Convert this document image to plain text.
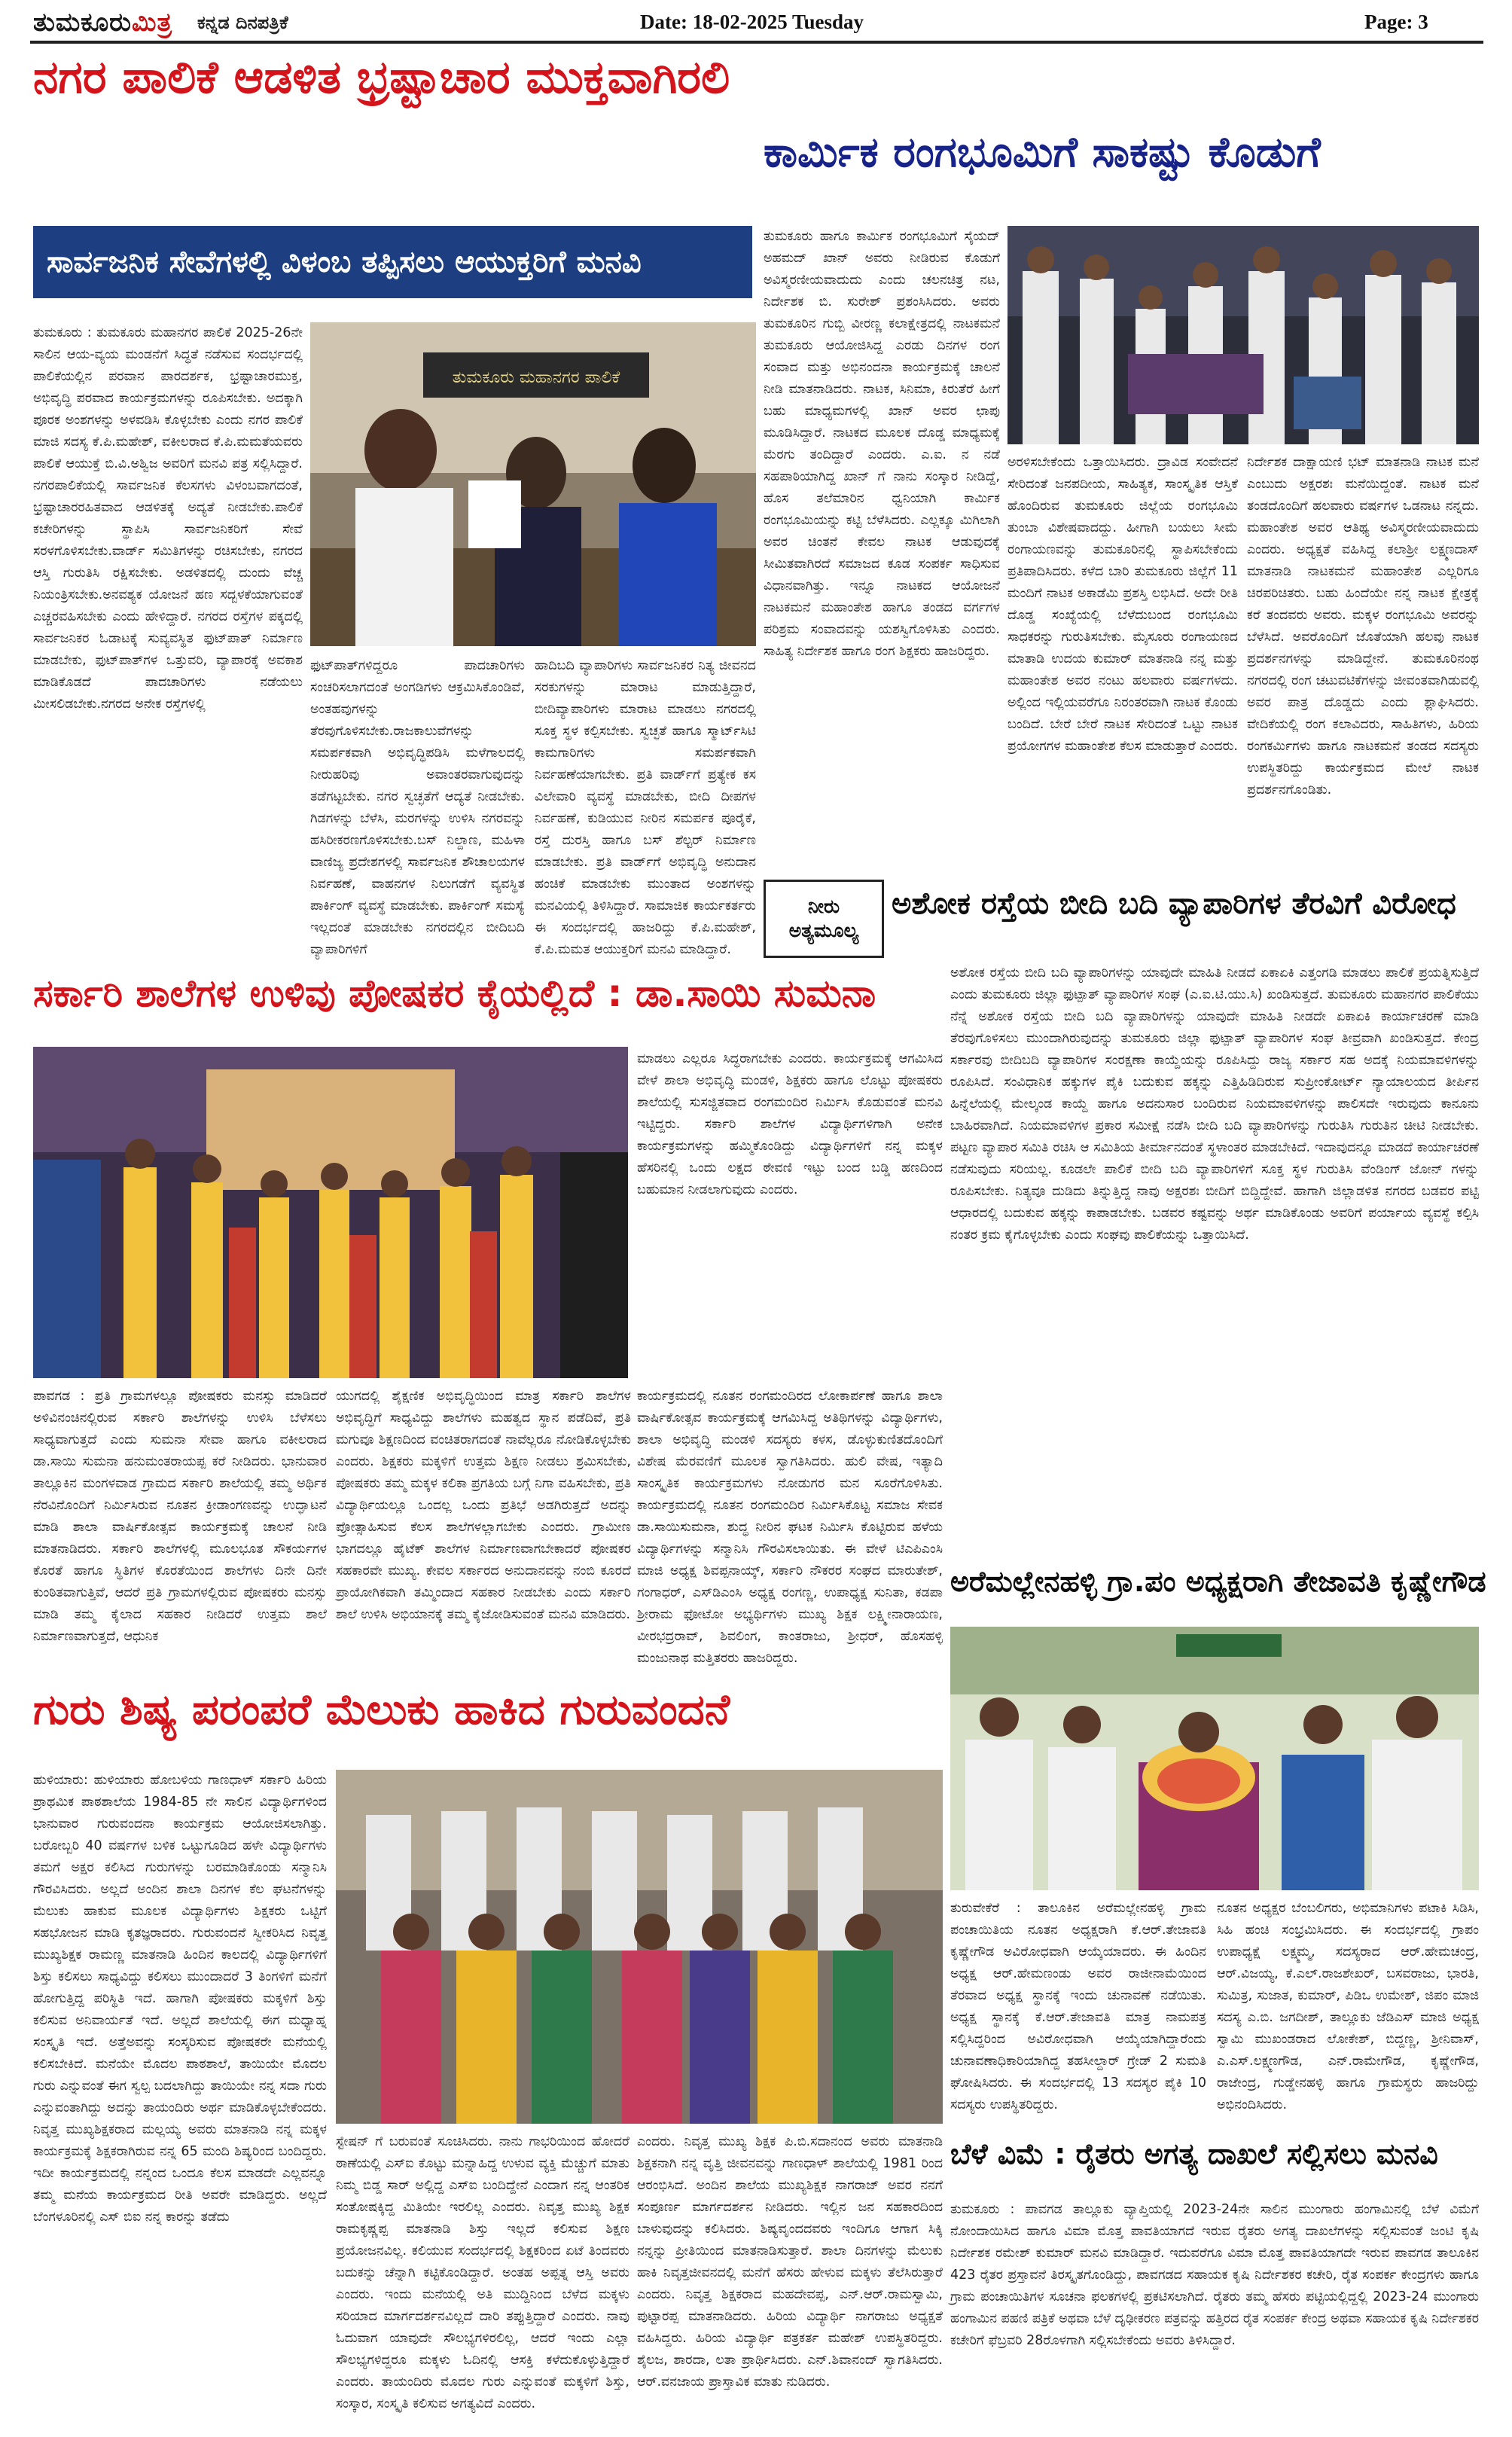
ತುಮಕೂರುಮಿತ್ರ ಕನ್ನಡ ದಿನಪತ್ರಿಕೆ	Date: 18-02-2025 Tuesday	Page: 3
ನಗರ ಪಾಲಿಕೆ ಆಡಳಿತ ಭ್ರಷ್ಟಾಚಾರ ಮುಕ್ತವಾಗಿರಲಿ
ಸಾರ್ವಜನಿಕ ಸೇವೆಗಳಲ್ಲಿ ವಿಳಂಬ ತಪ್ಪಿಸಲು ಆಯುಕ್ತರಿಗೆ ಮನವಿ
ತುಮಕೂರು ಮಹಾನಗರ ಪಾಲಿಕೆ
ತುಮಕೂರು : ತುಮಕೂರು ಮಹಾನಗರ ಪಾಲಿಕೆ 2025-26ನೇ ಸಾಲಿನ ಆಯ-ವ್ಯಯ ಮಂಡನೆಗೆ ಸಿದ್ಧತೆ ನಡೆಸುವ ಸಂದರ್ಭದಲ್ಲಿ ಪಾಲಿಕೆಯಲ್ಲಿನ ಪರವಾನ ಪಾರದರ್ಶಕ, ಭ್ರಷ್ಟಾಚಾರಮುಕ್ತ, ಅಭಿವೃದ್ಧಿ ಪರವಾದ ಕಾರ್ಯಕ್ರಮಗಳನ್ನು ರೂಪಿಸಬೇಕು. ಅದಕ್ಕಾಗಿ ಪೂರಕ ಅಂಶಗಳನ್ನು ಅಳವಡಿಸಿ ಕೊಳ್ಳಬೇಕು ಎಂದು ನಗರ ಪಾಲಿಕೆ ಮಾಜಿ ಸದಸ್ಯ ಕೆ.ಪಿ.ಮಹೇಶ್, ವಕೀಲರಾದ ಕೆ.ಪಿ.ಮಮತೆಯವರು ಪಾಲಿಕೆ ಆಯುಕ್ತೆ ಬಿ.ವಿ.ಅಶ್ವಿಜ ಅವರಿಗೆ ಮನವಿ ಪತ್ರ ಸಲ್ಲಿಸಿದ್ದಾರೆ. ನಗರಪಾಲಿಕೆಯಲ್ಲಿ ಸಾರ್ವಜನಿಕ ಕೆಲಸಗಳು ವಿಳಂಬವಾಗದಂತೆ, ಭ್ರಷ್ಟಾಚಾರರಹಿತವಾದ ಆಡಳಿತಕ್ಕೆ ಅದ್ಯತೆ ನೀಡಬೇಕು.ಪಾಲಿಕೆ ಕಚೇರಿಗಳನ್ನು ಸ್ಥಾಪಿಸಿ ಸಾರ್ವಜನಿಕರಿಗೆ ಸೇವೆ ಸರಳಗೊಳಿಸಬೇಕು.ವಾರ್ಡ್ ಸಮಿತಿಗಳನ್ನು ರಚಿಸಬೇಕು, ನಗರದ ಆಸ್ತಿ ಗುರುತಿಸಿ ರಕ್ಷಿಸಬೇಕು. ಅಡಳಿತದಲ್ಲಿ ದುಂದು ವೆಚ್ಚ ನಿಯಂತ್ರಿಸಬೇಕು.ಅನವಶ್ಯಕ ಯೋಜನೆ ಹಣ ಸದ್ಬಳಕೆಯಾಗುವಂತೆ ಎಚ್ಚರವಹಿಸಬೇಕು ಎಂದು ಹೇಳಿದ್ದಾರೆ. ನಗರದ ರಸ್ತೆಗಳ ಪಕ್ಕದಲ್ಲಿ ಸಾರ್ವಜನಿಕರ ಓಡಾಟಕ್ಕೆ ಸುವ್ಯವಸ್ಥಿತ ಫುಟ್‌ಪಾತ್ ನಿರ್ಮಾಣ ಮಾಡಬೇಕು, ಫುಟ್‌ಪಾತ್‌ಗಳ ಒತ್ತುವರಿ, ವ್ಯಾಪಾರಕ್ಕೆ ಅವಕಾಶ ಮಾಡಿಕೊಡದೆ ಪಾದಚಾರಿಗಳು ನಡೆಯಲು ಮೀಸಲಿಡಬೇಕು.ನಗರದ ಅನೇಕ ರಸ್ತೆಗಳಲ್ಲಿ
ಫುಟ್‌ಪಾತ್‌ಗಳಿದ್ದರೂ ಪಾದಚಾರಿಗಳು ಸಂಚರಿಸಲಾಗದಂತೆ ಅಂಗಡಿಗಳು ಆಕ್ರಮಿಸಿಕೊಂಡಿವೆ, ಅಂತಹವುಗಳನ್ನು ತೆರವುಗೊಳಿಸಬೇಕು.ರಾಜಕಾಲುವೆಗಳನ್ನು ಸಮರ್ಪಕವಾಗಿ ಅಭಿವೃದ್ಧಿಪಡಿಸಿ ಮಳೆಗಾಲದಲ್ಲಿ ನೀರುಹರಿವು ಅವಾಂತರವಾಗುವುದನ್ನು ತಡೆಗಟ್ಟಬೇಕು. ನಗರ ಸ್ವಚ್ಛತೆಗೆ ಆದ್ಯತೆ ನೀಡಬೇಕು. ಗಿಡಗಳನ್ನು ಬೆಳೆಸಿ, ಮರಗಳನ್ನು ಉಳಿಸಿ ನಗರವನ್ನು ಹಸಿರೀಕರಣಗೊಳಿಸಬೇಕು.ಬಸ್ ನಿಲ್ದಾಣ, ಮಹಿಳಾ ವಾಣಿಜ್ಯ ಪ್ರದೇಶಗಳಲ್ಲಿ ಸಾರ್ವಜನಿಕ ಶೌಚಾಲಯಗಳ ನಿರ್ವಹಣೆ, ವಾಹನಗಳ ನಿಲುಗಡೆಗೆ ವ್ಯವಸ್ಥಿತ ಪಾರ್ಕಿಂಗ್ ವ್ಯವಸ್ಥೆ ಮಾಡಬೇಕು. ಪಾರ್ಕಿಂಗ್ ಸಮಸ್ಯೆ ಇಲ್ಲದಂತೆ ಮಾಡಬೇಕು ನಗರದಲ್ಲಿನ ಬೀದಿಬದಿ ವ್ಯಾಪಾರಿಗಳಿಗೆ
ಹಾದಿಬದಿ ವ್ಯಾಪಾರಿಗಳು ಸಾರ್ವಜನಿಕರ ನಿತ್ಯ ಜೀವನದ ಸರಕುಗಳನ್ನು ಮಾರಾಟ ಮಾಡುತ್ತಿದ್ದಾರೆ, ಬೀದಿವ್ಯಾಪಾರಿಗಳು ಮಾರಾಟ ಮಾಡಲು ನಗರದಲ್ಲಿ ಸೂಕ್ತ ಸ್ಥಳ ಕಲ್ಪಿಸಬೇಕು. ಸ್ವಚ್ಛತೆ ಹಾಗೂ ಸ್ಮಾರ್ಟ್‌ಸಿಟಿ ಕಾಮಗಾರಿಗಳು ಸಮರ್ಪಕವಾಗಿ ನಿರ್ವಹಣೆಯಾಗಬೇಕು. ಪ್ರತಿ ವಾರ್ಡ್‌ಗೆ ಪ್ರತ್ಯೇಕ ಕಸ ವಿಲೇವಾರಿ ವ್ಯವಸ್ಥೆ ಮಾಡಬೇಕು, ಬೀದಿ ದೀಪಗಳ ನಿರ್ವಹಣೆ, ಕುಡಿಯುವ ನೀರಿನ ಸಮರ್ಪಕ ಪೂರೈಕೆ, ರಸ್ತೆ ದುರಸ್ತಿ ಹಾಗೂ ಬಸ್ ಶೆಲ್ಟರ್ ನಿರ್ಮಾಣ ಮಾಡಬೇಕು. ಪ್ರತಿ ವಾರ್ಡ್‌ಗೆ ಅಭಿವೃದ್ಧಿ ಅನುದಾನ ಹಂಚಿಕೆ ಮಾಡಬೇಕು ಮುಂತಾದ ಅಂಶಗಳನ್ನು ಮನವಿಯಲ್ಲಿ ತಿಳಿಸಿದ್ದಾರೆ. ಸಾಮಾಜಿಕ ಕಾರ್ಯಕರ್ತರು ಈ ಸಂದರ್ಭದಲ್ಲಿ ಹಾಜರಿದ್ದು ಕೆ.ಪಿ.ಮಹೇಶ್, ಕೆ.ಪಿ.ಮಮತ ಆಯುಕ್ತರಿಗೆ ಮನವಿ ಮಾಡಿದ್ದಾರೆ.
ಕಾರ್ಮಿಕ ರಂಗಭೂಮಿಗೆ ಸಾಕಷ್ಟು ಕೊಡುಗೆ
ತುಮಕೂರು ಹಾಗೂ ಕಾರ್ಮಿಕ ರಂಗಭೂಮಿಗೆ ಸೈಯದ್ ಅಹಮದ್ ಖಾನ್ ಅವರು ನೀಡಿರುವ ಕೊಡುಗೆ ಅವಿಸ್ಮರಣೀಯವಾದುದು ಎಂದು ಚಲನಚಿತ್ರ ನಟ, ನಿರ್ದೇಶಕ ಬಿ. ಸುರೇಶ್ ಪ್ರಶಂಸಿಸಿದರು. ಅವರು ತುಮಕೂರಿನ ಗುಬ್ಬಿ ವೀರಣ್ಣ ಕಲಾಕ್ಷೇತ್ರದಲ್ಲಿ ನಾಟಕಮನೆ ತುಮಕೂರು ಆಯೋಜಿಸಿದ್ದ ಎರಡು ದಿನಗಳ ರಂಗ ಸಂವಾದ ಮತ್ತು ಅಭಿನಂದನಾ ಕಾರ್ಯಕ್ರಮಕ್ಕೆ ಚಾಲನೆ ನೀಡಿ ಮಾತನಾಡಿದರು. ನಾಟಕ, ಸಿನಿಮಾ, ಕಿರುತೆರೆ ಹೀಗೆ ಬಹು ಮಾಧ್ಯಮಗಳಲ್ಲಿ ಖಾನ್ ಅವರ ಛಾಪು ಮೂಡಿಸಿದ್ದಾರೆ. ನಾಟಕದ ಮೂಲಕ ದೊಡ್ಡ ಮಾಧ್ಯಮಕ್ಕೆ ಮೆರಗು ತಂದಿದ್ದಾರೆ ಎಂದರು. ಎ.ಐ. ನ ನಡೆ ಸಹಪಾಠಿಯಾಗಿದ್ದ ಖಾನ್ ಗೆ ನಾನು ಸಂಸ್ಕಾರ ನೀಡಿದ್ದೆ, ಹೊಸ ತಲೆಮಾರಿನ ಧ್ವನಿಯಾಗಿ ಕಾರ್ಮಿಕ ರಂಗಭೂಮಿಯನ್ನು ಕಟ್ಟಿ ಬೆಳೆಸಿದರು. ಎಲ್ಲಕ್ಕೂ ಮಿಗಿಲಾಗಿ ಅವರ ಚಿಂತನೆ ಕೇವಲ ನಾಟಕ ಆಡುವುದಕ್ಕೆ ಸೀಮಿತವಾಗಿರದೆ ಸಮಾಜದ ಕೂಡ ಸಂಪರ್ಕ ಸಾಧಿಸುವ ವಿಧಾನವಾಗಿತ್ತು. ಇನ್ನೂ ನಾಟಕದ ಆಯೋಜನೆ ನಾಟಕಮನೆ ಮಹಾಂತೇಶ ಹಾಗೂ ತಂಡದ ವರ್ಗಗಳ ಪರಿಶ್ರಮ ಸಂವಾದವನ್ನು ಯಶಸ್ವಿಗೊಳಿಸಿತು ಎಂದರು. ಸಾಹಿತ್ಯ ನಿರ್ದೇಶಕ ಹಾಗೂ ರಂಗ ಶಿಕ್ಷಕರು ಹಾಜರಿದ್ದರು.
ಅರಳಿಸಬೇಕೆಂದು ಒತ್ತಾಯಿಸಿದರು. ದ್ರಾವಿಡ ಸಂವೇದನೆ ಸೇರಿದಂತೆ ಜನಪದೀಯ, ಸಾಹಿತ್ಯಕ, ಸಾಂಸ್ಕೃತಿಕ ಆಸ್ತಿಕೆ ಹೊಂದಿರುವ ತುಮಕೂರು ಜಿಲ್ಲೆಯ ರಂಗಭೂಮಿ ತುಂಬಾ ವಿಶೇಷವಾದದ್ದು. ಹೀಗಾಗಿ ಬಯಲು ಸೀಮೆ ರಂಗಾಯಣವನ್ನು ತುಮಕೂರಿನಲ್ಲಿ ಸ್ಥಾಪಿಸಬೇಕೆಂದು ಪ್ರತಿಪಾದಿಸಿದರು. ಕಳೆದ ಬಾರಿ ತುಮಕೂರು ಜಿಲ್ಲೆಗೆ 11 ಮಂದಿಗೆ ನಾಟಕ ಅಕಾಡೆಮಿ ಪ್ರಶಸ್ತಿ ಲಭಿಸಿದೆ. ಅದೇ ರೀತಿ ದೊಡ್ಡ ಸಂಖ್ಯೆಯಲ್ಲಿ ಬೆಳೆದುಬಂದ ರಂಗಭೂಮಿ ಸಾಧಕರನ್ನು ಗುರುತಿಸಬೇಕು. ಮೈಸೂರು ರಂಗಾಯಣದ ಮಾತಾಡಿ ಉದಯ ಕುಮಾರ್ ಮಾತನಾಡಿ ನನ್ನ ಮತ್ತು ಮಹಾಂತೇಶ ಅವರ ನಂಟು ಹಲವಾರು ವರ್ಷಗಳದು. ಅಲ್ಲಿಂದ ಇಲ್ಲಿಯವರೆಗೂ ನಿರಂತರವಾಗಿ ನಾಟಕ ಕೊಂಡು ಬಂದಿದೆ. ಬೇರೆ ಬೇರೆ ನಾಟಕ ಸೇರಿದಂತೆ ಒಟ್ಟು ನಾಟಕ ಪ್ರಯೋಗಗಳ ಮಹಾಂತೇಶ ಕೆಲಸ ಮಾಡುತ್ತಾರೆ ಎಂದರು.
ನಿರ್ದೇಶಕ ದಾಕ್ಷಾಯಣಿ ಭಟ್ ಮಾತನಾಡಿ ನಾಟಕ ಮನೆ ಎಂಬುದು ಅಕ್ಷರಶಃ ಮನೆಯಿದ್ದಂತೆ. ನಾಟಕ ಮನೆ ತಂಡದೊಂದಿಗೆ ಹಲವಾರು ವರ್ಷಗಳ ಒಡನಾಟ ನನ್ನದು. ಮಹಾಂತೇಶ ಅವರ ಆತಿಥ್ಯ ಅವಿಸ್ಮರಣೀಯವಾದುದು ಎಂದರು. ಅಧ್ಯಕ್ಷತೆ ವಹಿಸಿದ್ದ ಕಲಾಶ್ರೀ ಲಕ್ಷ್ಮಣದಾಸ್ ಮಾತನಾಡಿ ನಾಟಕಮನೆ ಮಹಾಂತೇಶ ಎಲ್ಲರಿಗೂ ಚಿರಪರಿಚಿತರು. ಬಹು ಹಿಂದೆಯೇ ನನ್ನ ನಾಟಕ ಕ್ಷೇತ್ರಕ್ಕೆ ಕರೆ ತಂದವರು ಅವರು. ಮಕ್ಕಳ ರಂಗಭೂಮಿ ಅವರನ್ನು ಬೆಳೆಸಿದೆ. ಅವರೊಂದಿಗೆ ಜೊತೆಯಾಗಿ ಹಲವು ನಾಟಕ ಪ್ರದರ್ಶನಗಳನ್ನು ಮಾಡಿದ್ದೇನೆ. ತುಮಕೂರಿನಂಥ ನಗರದಲ್ಲಿ ರಂಗ ಚಟುವಟಿಕೆಗಳನ್ನು ಜೀವಂತವಾಗಿಡುವಲ್ಲಿ ಅವರ ಪಾತ್ರ ದೊಡ್ಡದು ಎಂದು ಶ್ಲಾಘಿಸಿದರು. ವೇದಿಕೆಯಲ್ಲಿ ರಂಗ ಕಲಾವಿದರು, ಸಾಹಿತಿಗಳು, ಹಿರಿಯ ರಂಗಕರ್ಮಿಗಳು ಹಾಗೂ ನಾಟಕಮನೆ ತಂಡದ ಸದಸ್ಯರು ಉಪಸ್ಥಿತರಿದ್ದು ಕಾರ್ಯಕ್ರಮದ ಮೇಲೆ ನಾಟಕ ಪ್ರದರ್ಶನಗೊಂಡಿತು.
ನೀರು
ಅತ್ಯಮೂಲ್ಯ
ಅಶೋಕ ರಸ್ತೆಯ ಬೀದಿ ಬದಿ ವ್ಯಾಪಾರಿಗಳ ತೆರವಿಗೆ ವಿರೋಧ
ಅಶೋಕ ರಸ್ತೆಯ ಬೀದಿ ಬದಿ ವ್ಯಾಪಾರಿಗಳನ್ನು ಯಾವುದೇ ಮಾಹಿತಿ ನೀಡದೆ ಏಕಾಏಕಿ ಎತ್ತಂಗಡಿ ಮಾಡಲು ಪಾಲಿಕೆ ಪ್ರಯತ್ನಿಸುತ್ತಿದೆ ಎಂದು ತುಮಕೂರು ಜಿಲ್ಲಾ ಫುಟ್ಪಾತ್ ವ್ಯಾಪಾರಿಗಳ ಸಂಘ (ಎ.ಐ.ಟಿ.ಯು.ಸಿ) ಖಂಡಿಸುತ್ತದೆ. ತುಮಕೂರು ಮಹಾನಗರ ಪಾಲಿಕೆಯು ನೆನ್ನೆ ಅಶೋಕ ರಸ್ತೆಯ ಬೀದಿ ಬದಿ ವ್ಯಾಪಾರಿಗಳನ್ನು ಯಾವುದೇ ಮಾಹಿತಿ ನೀಡದೇ ಏಕಾಏಕಿ ಕಾರ್ಯಾಚರಣೆ ಮಾಡಿ ತೆರವುಗೊಳಿಸಲು ಮುಂದಾಗಿರುವುದನ್ನು ತುಮಕೂರು ಜಿಲ್ಲಾ ಫುಟ್ಪಾತ್ ವ್ಯಾಪಾರಿಗಳ ಸಂಘ ತೀವ್ರವಾಗಿ ಖಂಡಿಸುತ್ತದೆ. ಕೇಂದ್ರ ಸರ್ಕಾರವು ಬೀದಿಬದಿ ವ್ಯಾಪಾರಿಗಳ ಸಂರಕ್ಷಣಾ ಕಾಯ್ದೆಯನ್ನು ರೂಪಿಸಿದ್ದು ರಾಜ್ಯ ಸರ್ಕಾರ ಸಹ ಅದಕ್ಕೆ ನಿಯಮಾವಳಿಗಳನ್ನು ರೂಪಿಸಿದೆ. ಸಂವಿಧಾನಿಕ ಹಕ್ಕುಗಳ ಪೈಕಿ ಬದುಕುವ ಹಕ್ಕನ್ನು ಎತ್ತಿಹಿಡಿದಿರುವ ಸುಪ್ರೀಂಕೋರ್ಟ್ ನ್ಯಾಯಾಲಯದ ತೀರ್ಪಿನ ಹಿನ್ನೆಲೆಯಲ್ಲಿ ಮೇಲ್ಕಂಡ ಕಾಯ್ದೆ ಹಾಗೂ ಅದನುಸಾರ ಬಂದಿರುವ ನಿಯಮಾವಳಿಗಳನ್ನು ಪಾಲಿಸದೇ ಇರುವುದು ಕಾನೂನು ಬಾಹಿರವಾಗಿದೆ. ನಿಯಮಾವಳಿಗಳ ಪ್ರಕಾರ ಸಮೀಕ್ಷೆ ನಡೆಸಿ ಬೀದಿ ಬದಿ ವ್ಯಾಪಾರಿಗಳನ್ನು ಗುರುತಿಸಿ ಗುರುತಿನ ಚೀಟಿ ನೀಡಬೇಕು. ಪಟ್ಟಣ ವ್ಯಾಪಾರ ಸಮಿತಿ ರಚಿಸಿ ಆ ಸಮಿತಿಯ ತೀರ್ಮಾನದಂತೆ ಸ್ಥಳಾಂತರ ಮಾಡಬೇಕಿದೆ. ಇದಾವುದನ್ನೂ ಮಾಡದೆ ಕಾರ್ಯಾಚರಣೆ ನಡೆಸುವುದು ಸರಿಯಲ್ಲ. ಕೂಡಲೇ ಪಾಲಿಕೆ ಬೀದಿ ಬದಿ ವ್ಯಾಪಾರಿಗಳಿಗೆ ಸೂಕ್ತ ಸ್ಥಳ ಗುರುತಿಸಿ ವೆಂಡಿಂಗ್ ಜೋನ್ ಗಳನ್ನು ರೂಪಿಸಬೇಕು. ನಿತ್ಯವೂ ದುಡಿದು ತಿನ್ನುತ್ತಿದ್ದ ನಾವು ಅಕ್ಷರಶಃ ಬೀದಿಗೆ ಬಿದ್ದಿದ್ದೇವೆ. ಹಾಗಾಗಿ ಜಿಲ್ಲಾಡಳಿತ ನಗರದ ಬಡವರ ಪಟ್ಟಿ ಆಧಾರದಲ್ಲಿ ಬದುಕುವ ಹಕ್ಕನ್ನು ಕಾಪಾಡಬೇಕು. ಬಡವರ ಕಷ್ಟವನ್ನು ಅರ್ಥ ಮಾಡಿಕೊಂಡು ಅವರಿಗೆ ಪರ್ಯಾಯ ವ್ಯವಸ್ಥೆ ಕಲ್ಪಿಸಿ ನಂತರ ಕ್ರಮ ಕೈಗೊಳ್ಳಬೇಕು ಎಂದು ಸಂಘವು ಪಾಲಿಕೆಯನ್ನು ಒತ್ತಾಯಿಸಿದೆ.
ಸರ್ಕಾರಿ ಶಾಲೆಗಳ ಉಳಿವು ಪೋಷಕರ ಕೈಯಲ್ಲಿದೆ : ಡಾ.ಸಾಯಿ ಸುಮನಾ
ಮಾಡಲು ಎಲ್ಲರೂ ಸಿದ್ಧರಾಗಬೇಕು ಎಂದರು. ಕಾರ್ಯಕ್ರಮಕ್ಕೆ ಆಗಮಿಸಿದ ವೇಳೆ ಶಾಲಾ ಅಭಿವೃದ್ಧಿ ಮಂಡಳಿ, ಶಿಕ್ಷಕರು ಹಾಗೂ ಲೊಟ್ಟು ಪೋಷಕರು ಶಾಲೆಯಲ್ಲಿ ಸುಸಜ್ಜಿತವಾದ ರಂಗಮಂದಿರ ನಿರ್ಮಿಸಿ ಕೊಡುವಂತೆ ಮನವಿ ಇಟ್ಟಿದ್ದರು. ಸರ್ಕಾರಿ ಶಾಲೆಗಳ ವಿದ್ಯಾರ್ಥಿಗಳಿಗಾಗಿ ಅನೇಕ ಕಾರ್ಯಕ್ರಮಗಳನ್ನು ಹಮ್ಮಿಕೊಂಡಿದ್ದು ವಿದ್ಯಾರ್ಥಿಗಳಿಗೆ ನನ್ನ ಮಕ್ಕಳ ಹೆಸರಿನಲ್ಲಿ ಒಂದು ಲಕ್ಷದ ಠೇವಣಿ ಇಟ್ಟು ಬಂದ ಬಡ್ಡಿ ಹಣದಿಂದ ಬಹುಮಾನ ನೀಡಲಾಗುವುದು ಎಂದರು.
ಪಾವಗಡ : ಪ್ರತಿ ಗ್ರಾಮಗಳಲ್ಲೂ ಪೋಷಕರು ಮನಸ್ಸು ಮಾಡಿದರೆ ಅಳಿವಿನಂಚಿನಲ್ಲಿರುವ ಸರ್ಕಾರಿ ಶಾಲೆಗಳನ್ನು ಉಳಿಸಿ ಬೆಳೆಸಲು ಸಾಧ್ಯವಾಗುತ್ತದೆ ಎಂದು ಸುಮನಾ ಸೇವಾ ಹಾಗೂ ವಕೀಲರಾದ ಡಾ.ಸಾಯಿ ಸುಮನಾ ಹನುಮಂತರಾಯಪ್ಪ ಕರೆ ನೀಡಿದರು. ಭಾನುವಾರ ತಾಲ್ಲೂಕಿನ ಮಂಗಳವಾಡ ಗ್ರಾಮದ ಸರ್ಕಾರಿ ಶಾಲೆಯಲ್ಲಿ ತಮ್ಮ ಅರ್ಥಿಕ ನೆರವಿನೊಂದಿಗೆ ನಿರ್ಮಿಸಿರುವ ನೂತನ ಕ್ರೀಡಾಂಗಣವನ್ನು ಉದ್ಘಾಟನೆ ಮಾಡಿ ಶಾಲಾ ವಾರ್ಷಿಕೋತ್ಸವ ಕಾರ್ಯಕ್ರಮಕ್ಕೆ ಚಾಲನೆ ನೀಡಿ ಮಾತನಾಡಿದರು. ಸರ್ಕಾರಿ ಶಾಲೆಗಳಲ್ಲಿ ಮೂಲಭೂತ ಸೌಕರ್ಯಗಳ ಕೊರತೆ ಹಾಗೂ ಸ್ಥಿತಿಗಳ ಕೊರತೆಯಿಂದ ಶಾಲೆಗಳು ದಿನೇ ದಿನೇ ಕುಂಠಿತವಾಗುತ್ತಿವೆ, ಆದರೆ ಪ್ರತಿ ಗ್ರಾಮಗಳಲ್ಲಿರುವ ಪೋಷಕರು ಮನಸ್ಸು ಮಾಡಿ ತಮ್ಮ ಕೈಲಾದ ಸಹಕಾರ ನೀಡಿದರೆ ಉತ್ತಮ ಶಾಲೆ ನಿರ್ಮಾಣವಾಗುತ್ತದೆ, ಆಧುನಿಕ
ಯುಗದಲ್ಲಿ ಶೈಕ್ಷಣಿಕ ಅಭಿವೃದ್ಧಿಯಿಂದ ಮಾತ್ರ ಸರ್ಕಾರಿ ಶಾಲೆಗಳ ಅಭಿವೃದ್ಧಿಗೆ ಸಾಧ್ಯವಿದ್ದು ಶಾಲೆಗಳು ಮಹತ್ವದ ಸ್ಥಾನ ಪಡೆದಿವೆ, ಪ್ರತಿ ಮಗುವೂ ಶಿಕ್ಷಣದಿಂದ ವಂಚಿತರಾಗದಂತೆ ನಾವೆಲ್ಲರೂ ನೋಡಿಕೊಳ್ಳಬೇಕು ಎಂದರು. ಶಿಕ್ಷಕರು ಮಕ್ಕಳಿಗೆ ಉತ್ತಮ ಶಿಕ್ಷಣ ನೀಡಲು ಶ್ರಮಿಸಬೇಕು, ಪೋಷಕರು ತಮ್ಮ ಮಕ್ಕಳ ಕಲಿಕಾ ಪ್ರಗತಿಯ ಬಗ್ಗೆ ನಿಗಾ ವಹಿಸಬೇಕು, ಪ್ರತಿ ವಿದ್ಯಾರ್ಥಿಯಲ್ಲೂ ಒಂದಲ್ಲ ಒಂದು ಪ್ರತಿಭೆ ಅಡಗಿರುತ್ತದೆ ಅದನ್ನು ಪ್ರೋತ್ಸಾಹಿಸುವ ಕೆಲಸ ಶಾಲೆಗಳಲ್ಲಾಗಬೇಕು ಎಂದರು. ಗ್ರಾಮೀಣ ಭಾಗದಲ್ಲೂ ಹೈಟೆಕ್ ಶಾಲೆಗಳ ನಿರ್ಮಾಣವಾಗಬೇಕಾದರೆ ಪೋಷಕರ ಸಹಕಾರವೇ ಮುಖ್ಯ. ಕೇವಲ ಸರ್ಕಾರದ ಅನುದಾನವನ್ನು ನಂಬಿ ಕೂರದೆ ಪ್ರಾಯೋಗಿಕವಾಗಿ ತಮ್ಮಿಂದಾದ ಸಹಕಾರ ನೀಡಬೇಕು ಎಂದು ಸರ್ಕಾರಿ ಶಾಲೆ ಉಳಿಸಿ ಅಭಿಯಾನಕ್ಕೆ ತಮ್ಮ ಕೈಜೋಡಿಸುವಂತೆ ಮನವಿ ಮಾಡಿದರು.
ಕಾರ್ಯಕ್ರಮದಲ್ಲಿ ನೂತನ ರಂಗಮಂದಿರದ ಲೋಕಾರ್ಪಣೆ ಹಾಗೂ ಶಾಲಾ ವಾರ್ಷಿಕೋತ್ಸವ ಕಾರ್ಯಕ್ರಮಕ್ಕೆ ಆಗಮಿಸಿದ್ದ ಅತಿಥಿಗಳನ್ನು ವಿದ್ಯಾರ್ಥಿಗಳು, ಶಾಲಾ ಅಭಿವೃದ್ಧಿ ಮಂಡಳಿ ಸದಸ್ಯರು ಕಳಸ, ಡೊಳ್ಳುಕುಣಿತದೊಂದಿಗೆ ವಿಶೇಷ ಮೆರವಣಿಗೆ ಮೂಲಕ ಸ್ವಾಗತಿಸಿದರು. ಹುಲಿ ವೇಷ, ಇತ್ಯಾದಿ ಸಾಂಸ್ಕೃತಿಕ ಕಾರ್ಯಕ್ರಮಗಳು ನೋಡುಗರ ಮನ ಸೂರೆಗೊಳಿಸಿತು. ಕಾರ್ಯಕ್ರಮದಲ್ಲಿ ನೂತನ ರಂಗಮಂದಿರ ನಿರ್ಮಿಸಿಕೊಟ್ಟ ಸಮಾಜ ಸೇವಕ ಡಾ.ಸಾಯಿಸುಮನಾ, ಶುದ್ಧ ನೀರಿನ ಘಟಕ ನಿರ್ಮಿಸಿ ಕೊಟ್ಟಿರುವ ಹಳೆಯ ವಿದ್ಯಾರ್ಥಿಗಳನ್ನು ಸನ್ಮಾನಿಸಿ ಗೌರವಿಸಲಾಯಿತು. ಈ ವೇಳೆ ಟಿಎಪಿಎಂಸಿ ಮಾಜಿ ಅಧ್ಯಕ್ಷ ಶಿವಪ್ಪನಾಯ್ಕ್, ಸರ್ಕಾರಿ ನೌಕರರ ಸಂಘದ ಮಾರುತೇಶ್, ಗಂಗಾಧರ್, ಎಸ್‌ಡಿಎಂಸಿ ಅಧ್ಯಕ್ಷ ರಂಗಣ್ಣ, ಉಪಾಧ್ಯಕ್ಷ ಸುನಿತಾ, ಕಡಪಾ ಶ್ರೀರಾಮ ಫೋಟೋ ಅಭ್ಯರ್ಥಿಗಳು ಮುಖ್ಯ ಶಿಕ್ಷಕ ಲಕ್ಷ್ಮೀನಾರಾಯಣ, ವೀರಭದ್ರರಾವ್, ಶಿವಲಿಂಗ, ಕಾಂತರಾಜು, ಶ್ರೀಧರ್, ಹೊಸಹಳ್ಳಿ ಮಂಜುನಾಥ ಮತ್ತಿತರರು ಹಾಜರಿದ್ದರು.
ಅರೆಮಲ್ಲೇನಹಳ್ಳಿ ಗ್ರಾ.ಪಂ ಅಧ್ಯಕ್ಷರಾಗಿ ತೇಜಾವತಿ ಕೃಷ್ಣೇಗೌಡ
ತುರುವೇಕೆರೆ : ತಾಲೂಕಿನ ಅರೆಮಲ್ಲೇನಹಳ್ಳಿ ಗ್ರಾಮ ಪಂಚಾಯಿತಿಯ ನೂತನ ಅಧ್ಯಕ್ಷರಾಗಿ ಕೆ.ಆರ್.ತೇಜಾವತಿ ಕೃಷ್ಣೇಗೌಡ ಅವಿರೋಧವಾಗಿ ಆಯ್ಕೆಯಾದರು. ಈ ಹಿಂದಿನ ಅಧ್ಯಕ್ಷ ಆರ್.ಹೇಮಣಂಡು ಅವರ ರಾಜೀನಾಮೆಯಿಂದ ತೆರವಾದ ಅಧ್ಯಕ್ಷ ಸ್ಥಾನಕ್ಕೆ ಇಂದು ಚುನಾವಣೆ ನಡೆಯಿತು. ಅಧ್ಯಕ್ಷ ಸ್ಥಾನಕ್ಕೆ ಕೆ.ಆರ್.ತೇಜಾವತಿ ಮಾತ್ರ ನಾಮಪತ್ರ ಸಲ್ಲಿಸಿದ್ದರಿಂದ ಅವಿರೋಧವಾಗಿ ಆಯ್ಕೆಯಾಗಿದ್ದಾರೆಂದು ಚುನಾವಣಾಧಿಕಾರಿಯಾಗಿದ್ದ ತಹಸೀಲ್ದಾರ್ ಗ್ರೇಡ್ 2 ಸುಮತಿ ಘೋಷಿಸಿದರು. ಈ ಸಂದರ್ಭದಲ್ಲಿ 13 ಸದಸ್ಯರ ಪೈಕಿ 10 ಸದಸ್ಯರು ಉಪಸ್ಥಿತರಿದ್ದರು.
ನೂತನ ಅಧ್ಯಕ್ಷರ ಬೆಂಬಲಿಗರು, ಅಭಿಮಾನಿಗಳು ಪಟಾಕಿ ಸಿಡಿಸಿ, ಸಿಹಿ ಹಂಚಿ ಸಂಭ್ರಮಿಸಿದರು. ಈ ಸಂದರ್ಭದಲ್ಲಿ ಗ್ರಾಪಂ ಉಪಾಧ್ಯಕ್ಷೆ ಲಕ್ಷ್ಮಮ್ಮ, ಸದಸ್ಯರಾದ ಆರ್.ಹೇಮಚಂದ್ರ, ಆರ್.ವಿಜಯ್ಯ, ಕೆ.ಎಲ್.ರಾಜಶೇಖರ್, ಬಸವರಾಜು, ಭಾರತಿ, ಸುಮಿತ್ರ, ಸುಜಾತ, ಕುಮಾರ್, ಪಿಡಿಒ ಉಮೇಶ್, ಜಿಪಂ ಮಾಜಿ ಸದಸ್ಯ ಎ.ಬಿ. ಜಗದೀಶ್, ತಾಲ್ಲೂಕು ಜೆಡಿಎಸ್ ಮಾಜಿ ಅಧ್ಯಕ್ಷ ಸ್ವಾಮಿ ಮುಖಂಡರಾದ ಲೋಕೇಶ್, ಬಿದ್ದಣ್ಣ, ಶ್ರೀನಿವಾಸ್, ಎ.ಎಸ್.ಲಕ್ಷ್ಮಣಗೌಡ, ಎನ್.ರಾಮೇಗೌಡ, ಕೃಷ್ಣೇಗೌಡ, ರಾಜೇಂದ್ರ, ಗುಡ್ಡೇನಹಳ್ಳಿ ಹಾಗೂ ಗ್ರಾಮಸ್ಥರು ಹಾಜರಿದ್ದು ಅಭಿನಂದಿಸಿದರು.
ಗುರು ಶಿಷ್ಯ ಪರಂಪರೆ ಮೆಲುಕು ಹಾಕಿದ ಗುರುವಂದನೆ
ಹುಳಿಯಾರು: ಹುಳಿಯಾರು ಹೋಬಳಿಯ ಗಾಣಧಾಳ್ ಸರ್ಕಾರಿ ಹಿರಿಯ ಪ್ರಾಥಮಿಕ ಪಾಠಶಾಲೆಯ 1984-85 ನೇ ಸಾಲಿನ ವಿದ್ಯಾರ್ಥಿಗಳಿಂದ ಭಾನುವಾರ ಗುರುವಂದನಾ ಕಾರ್ಯಕ್ರಮ ಆಯೋಜಿಸಲಾಗಿತ್ತು. ಬರೋಬ್ಬರಿ 40 ವರ್ಷಗಳ ಬಳಿಕ ಒಟ್ಟುಗೂಡಿದ ಹಳೇ ವಿದ್ಯಾರ್ಥಿಗಳು ತಮಗೆ ಅಕ್ಷರ ಕಲಿಸಿದ ಗುರುಗಳನ್ನು ಬರಮಾಡಿಕೊಂಡು ಸನ್ಮಾನಿಸಿ ಗೌರವಿಸಿದರು. ಅಲ್ಲದೆ ಅಂದಿನ ಶಾಲಾ ದಿನಗಳ ಕೆಲ ಘಟನೆಗಳನ್ನು ಮೆಲುಕು ಹಾಕುವ ಮೂಲಕ ವಿದ್ಯಾರ್ಥಿಗಳು ಶಿಕ್ಷಕರು ಒಟ್ಟಿಗೆ ಸಹಭೋಜನ ಮಾಡಿ ಕೃತಜ್ಞರಾದರು. ಗುರುವಂದನೆ ಸ್ವೀಕರಿಸಿದ ನಿವೃತ್ತ ಮುಖ್ಯಶಿಕ್ಷಕ ರಾಮಣ್ಣ ಮಾತನಾಡಿ ಹಿಂದಿನ ಕಾಲದಲ್ಲಿ ವಿದ್ಯಾರ್ಥಿಗಳಿಗೆ ಶಿಸ್ತು ಕಲಿಸಲು ಸಾಧ್ಯವಿದ್ದು ಕಲಿಸಲು ಮುಂದಾದರೆ 3 ತಿಂಗಳಿಗೆ ಮನೆಗೆ ಹೋಗುತ್ತಿದ್ದ ಪರಿಸ್ಥಿತಿ ಇದೆ. ಹಾಗಾಗಿ ಪೋಷಕರು ಮಕ್ಕಳಿಗೆ ಶಿಸ್ತು ಕಲಿಸುವ ಅನಿವಾರ್ಯತೆ ಇದೆ. ಅಲ್ಲದೆ ಶಾಲೆಯಲ್ಲಿ ಈಗ ಮಧ್ಯಾಹ್ನ ಸಂಸ್ಕೃತಿ ಇದೆ. ಅತ್ತೆಅವನ್ನು ಸಂಸ್ಕರಿಸುವ ಪೋಷಕರೇ ಮನೆಯಲ್ಲಿ ಕಲಿಸಬೇಕಿದೆ. ಮನೆಯೇ ಮೊದಲ ಪಾಠಶಾಲೆ, ತಾಯಿಯೇ ಮೊದಲ ಗುರು ಎನ್ನುವಂತೆ ಈಗ ಸ್ವಲ್ಪ ಬದಲಾಗಿದ್ದು ತಾಯಿಯೇ ನನ್ನ ಸದಾ ಗುರು ಎನ್ನುವಂತಾಗಿದ್ದು ಅದನ್ನು ತಾಯಂದಿರು ಅರ್ಥ ಮಾಡಿಕೊಳ್ಳಬೇಕೆಂದರು. ನಿವೃತ್ತ ಮುಖ್ಯಶಿಕ್ಷಕರಾದ ಮಲ್ಲಯ್ಯ ಅವರು ಮಾತನಾಡಿ ನನ್ನ ಮಕ್ಕಳ ಕಾರ್ಯಕ್ರಮಕ್ಕೆ ಶಿಕ್ಷಕರಾಗಿರುವ ನನ್ನ 65 ಮಂದಿ ಶಿಷ್ಯರಿಂದ ಬಂದಿದ್ದರು. ಇದೀ ಕಾರ್ಯಕ್ರಮದಲ್ಲಿ ನನ್ನಂದ ಒಂದೂ ಕೆಲಸ ಮಾಡದೇ ಎಲ್ಲವನ್ನೂ ತಮ್ಮ ಮನೆಯ ಕಾರ್ಯಕ್ರಮದ ರೀತಿ ಅವರೇ ಮಾಡಿದ್ದರು. ಅಲ್ಲದೆ ಬೆಂಗಳೂರಿನಲ್ಲಿ ಎಸ್ ಬಿಐ ನನ್ನ ಕಾರನ್ನು ತಡೆದು
ಸ್ಟೇಷನ್ ಗೆ ಬರುವಂತೆ ಸೂಚಿಸಿದರು. ನಾನು ಗಾಭರಿಯಿಂದ ಹೋದರೆ ಠಾಣೆಯಲ್ಲಿ ಎಸ್ಐ ಕೊಟ್ಟು ಮನ್ನಾಹಿದ್ದ ಉಳುವ ವ್ಯಕ್ತಿ ಮೆಚ್ಚುಗೆ ಮಾತು ನಿಮ್ಮ ಬಿಡ್ಡ ಸಾರ್ ಅಲ್ಲಿದ್ದ ಎಸ್ಐ ಬಂದಿದ್ದೇನೆ ಎಂದಾಗ ನನ್ನ ಆಂತರಿಕ ಸಂತೋಷಕ್ಕಿದ್ದ ಮಿತಿಯೇ ಇರಲಿಲ್ಲ ಎಂದರು. ನಿವೃತ್ತ ಮುಖ್ಯ ಶಿಕ್ಷಕ ರಾಮಕೃಷ್ಣಪ್ಪ ಮಾತನಾಡಿ ಶಿಸ್ತು ಇಲ್ಲದೆ ಕಲಿಸುವ ಶಿಕ್ಷಣ ಪ್ರಯೋಜನವಿಲ್ಲ. ಕಲಿಯುವ ಸಂದರ್ಭದಲ್ಲಿ ಶಿಕ್ಷಕರಿಂದ ಏಟೆ ತಿಂದವರು ಬದುಕನ್ನು ಚೆನ್ನಾಗಿ ಕಟ್ಟಿಕೊಂಡಿದ್ದಾರೆ. ಅಂತಹ ಅಪ್ಪತ್ನ ಆಸ್ತಿ ಅವರು ಎಂದರು. ಇಂದು ಮನೆಯಲ್ಲಿ ಅತಿ ಮುದ್ದಿನಿಂದ ಬೆಳೆದ ಮಕ್ಕಳು ಸರಿಯಾದ ಮಾರ್ಗದರ್ಶನವಿಲ್ಲದೆ ದಾರಿ ತಪ್ಪುತ್ತಿದ್ದಾರೆ ಎಂದರು. ನಾವು ಓದುವಾಗ ಯಾವುದೇ ಸೌಲಭ್ಯಗಳಿರಲಿಲ್ಲ, ಆದರೆ ಇಂದು ಎಲ್ಲಾ ಸೌಲಭ್ಯಗಳಿದ್ದರೂ ಮಕ್ಕಳು ಓದಿನಲ್ಲಿ ಆಸಕ್ತಿ ಕಳೆದುಕೊಳ್ಳುತ್ತಿದ್ದಾರೆ ಎಂದರು. ತಾಯಂದಿರು ಮೊದಲ ಗುರು ಎನ್ನುವಂತೆ ಮಕ್ಕಳಿಗೆ ಶಿಸ್ತು, ಸಂಸ್ಕಾರ, ಸಂಸ್ಕೃತಿ ಕಲಿಸುವ ಅಗತ್ಯವಿದೆ ಎಂದರು.
ಎಂದರು. ನಿವೃತ್ತ ಮುಖ್ಯ ಶಿಕ್ಷಕ ಪಿ.ಬಿ.ಸದಾನಂದ ಅವರು ಮಾತನಾಡಿ ಶಿಕ್ಷಕನಾಗಿ ನನ್ನ ವೃತ್ತಿ ಜೀವನವನ್ನು ಗಾಣಧಾಳ್ ಶಾಲೆಯಲ್ಲಿ 1981 ರಿಂದ ಆರಂಭಿಸಿದೆ. ಅಂದಿನ ಶಾಲೆಯ ಮುಖ್ಯಶಿಕ್ಷಕ ನಾಗರಾಜ್ ಅವರ ನನಗೆ ಸಂಪೂರ್ಣ ಮಾರ್ಗದರ್ಶನ ನೀಡಿದರು. ಇಲ್ಲಿನ ಜನ ಸಹಕಾರದಿಂದ ಬಾಳುವುದನ್ನು ಕಲಿಸಿದರು. ಶಿಷ್ಯವೃಂದದವರು ಇಂದಿಗೂ ಆಗಾಗ ಸಿಕ್ಕಿ ನನ್ನನ್ನು ಪ್ರೀತಿಯಿಂದ ಮಾತನಾಡಿಸುತ್ತಾರೆ. ಶಾಲಾ ದಿನಗಳನ್ನು ಮೆಲುಕು ಹಾಕಿ ನಿವೃತ್ತಜೀವನದಲ್ಲಿ ಮನೆಗೆ ಹೆಸರು ಹೇಳುವ ಮಕ್ಕಳು ತೆಲೆಸಿರುತ್ತಾರೆ ಎಂದರು. ನಿವೃತ್ತ ಶಿಕ್ಷಕರಾದ ಮಹದೇವಪ್ಪ, ಎನ್.ಆರ್.ರಾಮಸ್ವಾಮಿ, ಪುಟ್ಟಾರಪ್ಪ ಮಾತನಾಡಿದರು. ಹಿರಿಯ ವಿದ್ಯಾರ್ಥಿ ನಾಗರಾಜು ಅಧ್ಯಕ್ಷತೆ ವಹಿಸಿದ್ದರು. ಹಿರಿಯ ವಿದ್ಯಾರ್ಥಿ ಪತ್ರಕರ್ತ ಮಹೇಶ್ ಉಪಸ್ಥಿತರಿದ್ದರು. ಶೈಲಜ, ಶಾರದಾ, ಲತಾ ಪ್ರಾರ್ಥಿಸಿದರು. ಎನ್.ಶಿವಾನಂದ್ ಸ್ವಾಗತಿಸಿದರು. ಆರ್.ವನಜಾಯ ಪ್ರಾಸ್ತಾವಿಕ ಮಾತು ನುಡಿದರು.
ಬೆಳೆ ವಿಮೆ : ರೈತರು ಅಗತ್ಯ ದಾಖಲೆ ಸಲ್ಲಿಸಲು ಮನವಿ
ತುಮಕೂರು : ಪಾವಗಡ ತಾಲ್ಲೂಕು ವ್ಯಾಪ್ತಿಯಲ್ಲಿ 2023-24ನೇ ಸಾಲಿನ ಮುಂಗಾರು ಹಂಗಾಮಿನಲ್ಲಿ ಬೆಳೆ ವಿಮೆಗೆ ನೋಂದಾಯಿಸಿದ ಹಾಗೂ ವಿಮಾ ಮೊತ್ತ ಪಾವತಿಯಾಗದೆ ಇರುವ ರೈತರು ಅಗತ್ಯ ದಾಖಲೆಗಳನ್ನು ಸಲ್ಲಿಸುವಂತೆ ಜಂಟಿ ಕೃಷಿ ನಿರ್ದೇಶಕ ರಮೇಶ್ ಕುಮಾರ್ ಮನವಿ ಮಾಡಿದ್ದಾರೆ. ಇದುವರೆಗೂ ವಿಮಾ ಮೊತ್ತ ಪಾವತಿಯಾಗದೇ ಇರುವ ಪಾವಗಡ ತಾಲೂಕಿನ 423 ರೈತರ ಪ್ರಸ್ತಾವನೆ ತಿರಸ್ಕೃತಗೊಂಡಿದ್ದು, ಪಾವಗಡದ ಸಹಾಯಕ ಕೃಷಿ ನಿರ್ದೇಶಕರ ಕಚೇರಿ, ರೈತ ಸಂಪರ್ಕ ಕೇಂದ್ರಗಳು ಹಾಗೂ ಗ್ರಾಮ ಪಂಚಾಯಿತಿಗಳ ಸೂಚನಾ ಫಲಕಗಳಲ್ಲಿ ಪ್ರಕಟಿಸಲಾಗಿದೆ. ರೈತರು ತಮ್ಮ ಹೆಸರು ಪಟ್ಟಿಯಲ್ಲಿದ್ದಲ್ಲಿ 2023-24 ಮುಂಗಾರು ಹಂಗಾಮಿನ ಪಹಣಿ ಪತ್ರಿಕೆ ಅಥವಾ ಬೆಳೆ ದೃಢೀಕರಣ ಪತ್ರವನ್ನು ಹತ್ತಿರದ ರೈತ ಸಂಪರ್ಕ ಕೇಂದ್ರ ಅಥವಾ ಸಹಾಯಕ ಕೃಷಿ ನಿರ್ದೇಶಕರ ಕಚೇರಿಗೆ ಫೆಬ್ರವರಿ 28ರೊಳಗಾಗಿ ಸಲ್ಲಿಸಬೇಕೆಂದು ಅವರು ತಿಳಿಸಿದ್ದಾರೆ.
